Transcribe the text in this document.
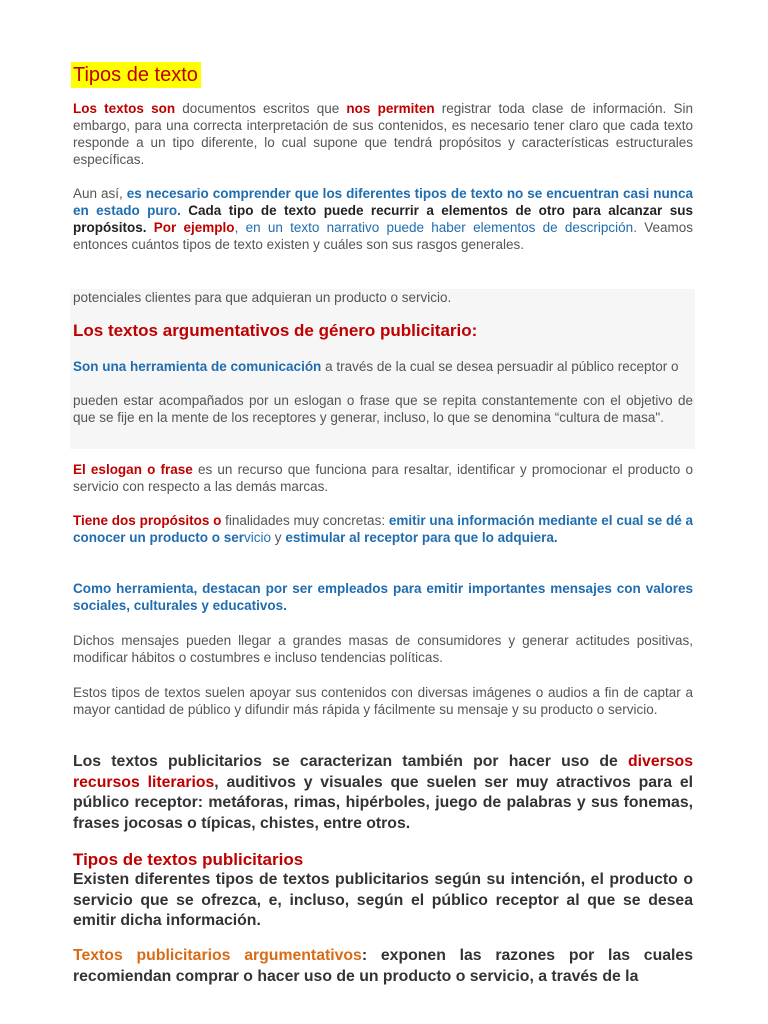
Tipos de texto

Los textos son documentos escritos que nos permiten registrar toda clase de información. Sin embargo, para una correcta interpretación de sus contenidos, es necesario tener claro que cada texto responde a un tipo diferente, lo cual supone que tendrá propósitos y características estructurales específicas.

Aun así, es necesario comprender que los diferentes tipos de texto no se encuentran casi nunca en estado puro. Cada tipo de texto puede recurrir a elementos de otro para alcanzar sus propósitos. Por ejemplo, en un texto narrativo puede haber elementos de descripción. Veamos entonces cuántos tipos de texto existen y cuáles son sus rasgos generales.

potenciales clientes para que adquieran un producto o servicio.

Los textos argumentativos de género publicitario:

Son una herramienta de comunicación a través de la cual se desea persuadir al público receptor o

pueden estar acompañados por un eslogan o frase que se repita constantemente con el objetivo de que se fije en la mente de los receptores y generar, incluso, lo que se denomina “cultura de masa".

El eslogan o frase es un recurso que funciona para resaltar, identificar y promocionar el producto o servicio con respecto a las demás marcas.

Tiene dos propósitos o finalidades muy concretas: emitir una información mediante el cual se dé a conocer un producto o servicio y estimular al receptor para que lo adquiera.

Como herramienta, destacan por ser empleados para emitir importantes mensajes con valores sociales, culturales y educativos.

Dichos mensajes pueden llegar a grandes masas de consumidores y generar actitudes positivas, modificar hábitos o costumbres e incluso tendencias políticas.

Estos tipos de textos suelen apoyar sus contenidos con diversas imágenes o audios a fin de captar a mayor cantidad de público y difundir más rápida y fácilmente su mensaje y su producto o servicio.

Los textos publicitarios se caracterizan también por hacer uso de diversos recursos literarios, auditivos y visuales que suelen ser muy atractivos para el público receptor: metáforas, rimas, hipérboles, juego de palabras y sus fonemas, frases jocosas o típicas, chistes, entre otros.

Tipos de textos publicitarios

Existen diferentes tipos de textos publicitarios según su intención, el producto o servicio que se ofrezca, e, incluso, según el público receptor al que se desea emitir dicha información.

Textos publicitarios argumentativos: exponen las razones por las cuales recomiendan comprar o hacer uso de un producto o servicio, a través de la
